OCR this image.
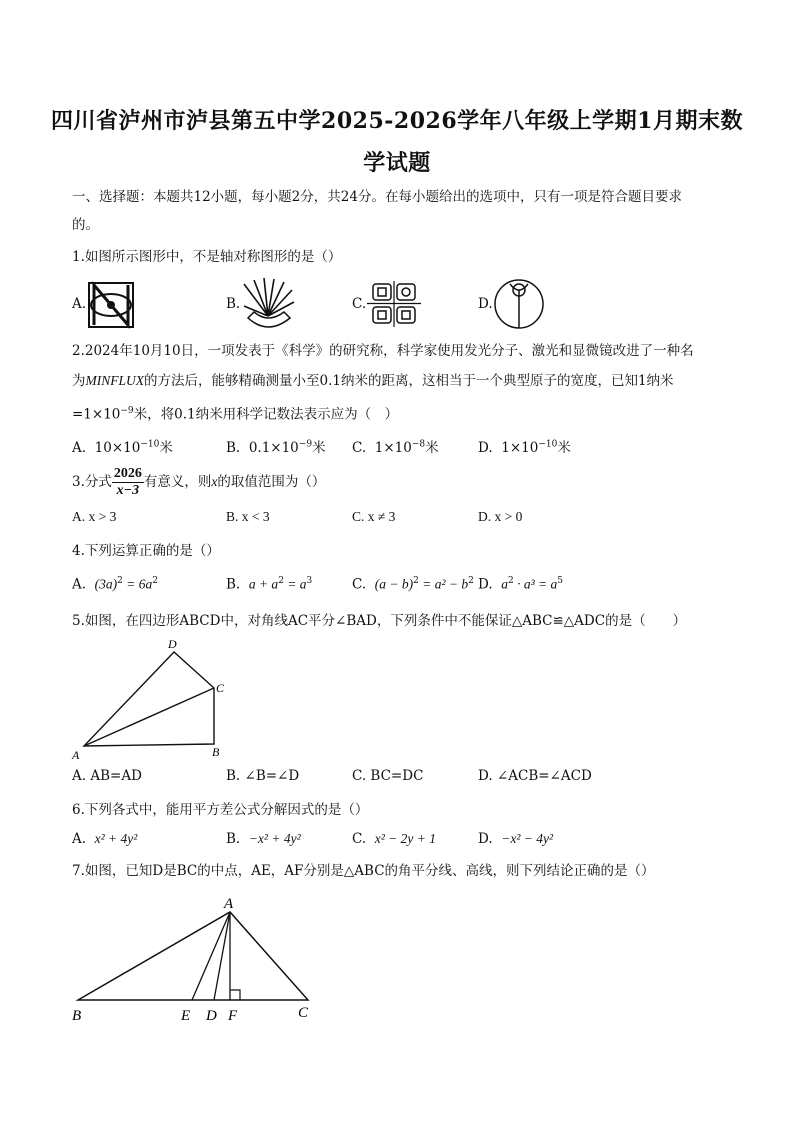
四川省泸州市泸县第五中学2025-2026学年八年级上学期1月期末数
学试题
一、选择题：本题共12小题，每小题2分，共24分。在每小题给出的选项中，只有一项是符合题目要求
的。
1.如图所示图形中，不是轴对称图形的是（）
A.	B.	C.	D.
2.2024年10月10日，一项发表于《科学》的研究称，科学家使用发光分子、激光和显微镜改进了一种名
为MINFLUX的方法后，能够精确测量小至0.1纳米的距离，这相当于一个典型原子的宽度，已知1纳米
$=1\times 10^{-9}$米，将0.1纳米用科学记数法表示应为（　）
A. $10\times 10^{-10}$米	B. $0.1\times 10^{-9}$米 C. $1\times 10^{-8}$米	D. $1\times 10^{-10}$米
3.分式 $\frac{2026}{x-3}$ 有意义，则x的取值范围为（）
A. x > 3	B. x < 3	C. x ≠ 3	D. x > 0
4.下列运算正确的是（）
A. $(3a)^2 = 6a^2$	B. $a + a^2 = a^3$	C. $(a - b)^2 = a^2 - b^2$ D. $a^2 \cdot a^3 = a^5$
5.如图，在四边形ABCD中，对角线AC平分∠BAD，下列条件中不能保证△ABC≌△ADC的是（　　）
A
D
C
B
A. AB=AD	B. ∠B=∠D	C. BC=DC	D. ∠ACB=∠ACD
6.下列各式中，能用平方差公式分解因式的是（）
A. x² + 4y²	B. −x² + 4y²	C. x² − 2y + 1	D. −x² − 4y²
7.如图，已知D是BC的中点，AE，AF分别是△ABC的角平分线、高线，则下列结论正确的是（）
A
B	E D F	C
